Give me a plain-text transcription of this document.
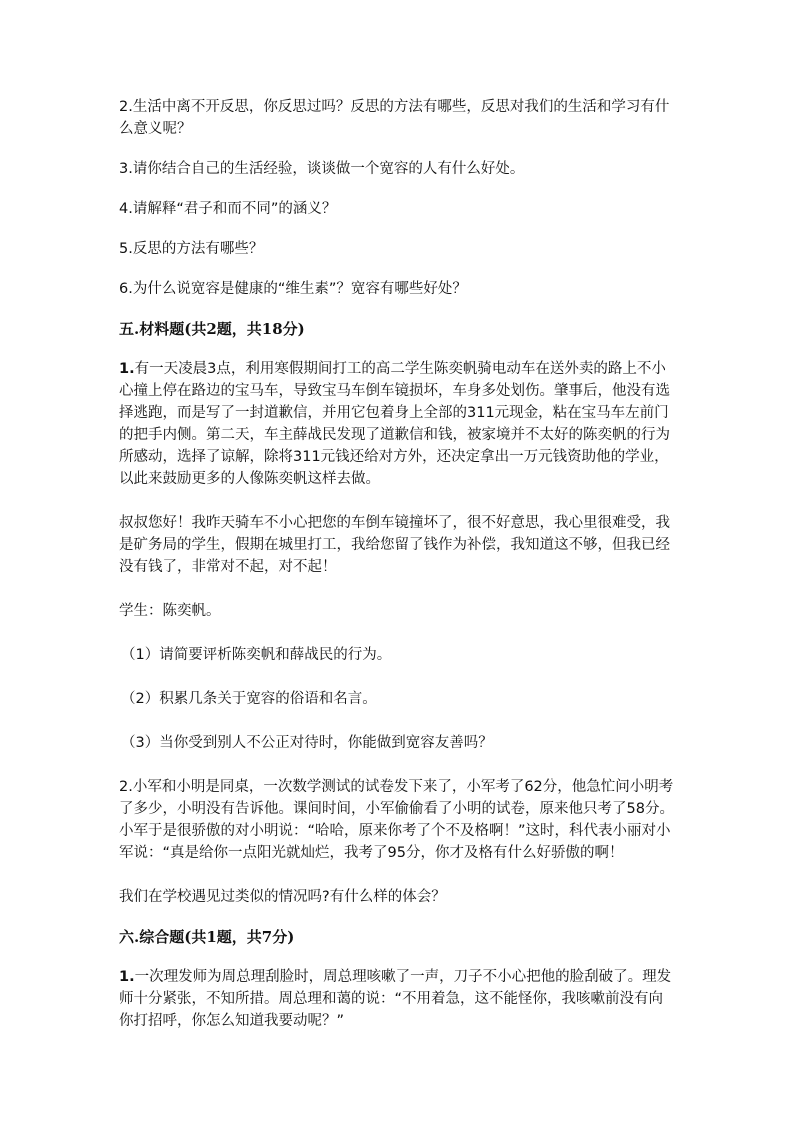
2.生活中离不开反思，你反思过吗？反思的方法有哪些，反思对我们的生活和学习有什么意义呢？

3.请你结合自己的生活经验，谈谈做一个宽容的人有什么好处。

4.请解释“君子和而不同”的涵义？

5.反思的方法有哪些？

6.为什么说宽容是健康的“维生素”？宽容有哪些好处？

五.材料题(共2题，共18分)

1.有一天凌晨3点，利用寒假期间打工的高二学生陈奕帆骑电动车在送外卖的路上不小心撞上停在路边的宝马车，导致宝马车倒车镜损坏，车身多处划伤。肇事后，他没有选择逃跑，而是写了一封道歉信，并用它包着身上全部的311元现金，粘在宝马车左前门的把手内侧。第二天，车主薛战民发现了道歉信和钱，被家境并不太好的陈奕帆的行为所感动，选择了谅解，除将311元钱还给对方外，还决定拿出一万元钱资助他的学业，以此来鼓励更多的人像陈奕帆这样去做。

叔叔您好！我昨天骑车不小心把您的车倒车镜撞坏了，很不好意思，我心里很难受，我是矿务局的学生，假期在城里打工，我给您留了钱作为补偿，我知道这不够，但我已经没有钱了，非常对不起，对不起！

学生：陈奕帆。

（1）请简要评析陈奕帆和薛战民的行为。

（2）积累几条关于宽容的俗语和名言。

（3）当你受到别人不公正对待时，你能做到宽容友善吗？

2.小军和小明是同桌，一次数学测试的试卷发下来了，小军考了62分，他急忙问小明考了多少，小明没有告诉他。课间时间，小军偷偷看了小明的试卷，原来他只考了58分。小军于是很骄傲的对小明说：“哈哈，原来你考了个不及格啊！”这时，科代表小丽对小军说：“真是给你一点阳光就灿烂，我考了95分，你才及格有什么好骄傲的啊！

我们在学校遇见过类似的情况吗?有什么样的体会？

六.综合题(共1题，共7分)

1.一次理发师为周总理刮脸时，周总理咳嗽了一声，刀子不小心把他的脸刮破了。理发师十分紧张，不知所措。周总理和蔼的说：“不用着急，这不能怪你，我咳嗽前没有向你打招呼，你怎么知道我要动呢？”
